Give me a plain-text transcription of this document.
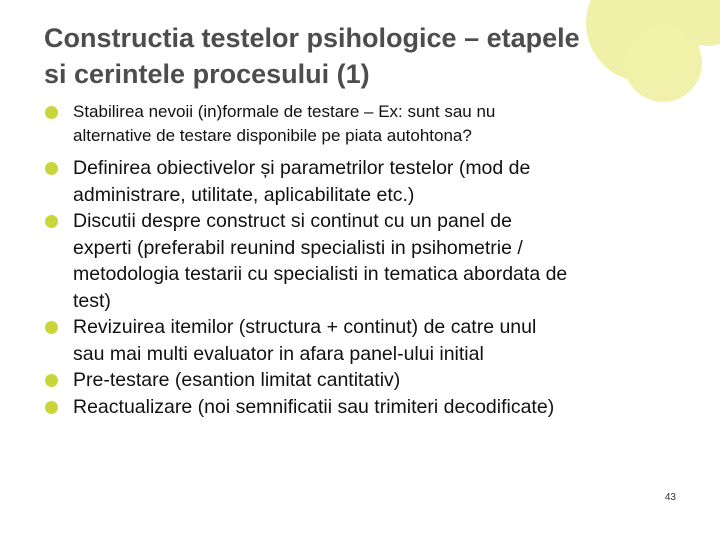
Constructia testelor psihologice – etapele
si cerintele procesului (1)
Stabilirea nevoii (in)formale de testare – Ex: sunt sau nu
alternative de testare disponibile pe piata autohtona?
Definirea obiectivelor și parametrilor testelor (mod de
administrare, utilitate, aplicabilitate etc.)
Discutii despre construct si continut cu un panel de
experti (preferabil reunind specialisti in psihometrie /
metodologia testarii cu specialisti in tematica abordata de
test)
Revizuirea itemilor (structura + continut) de catre unul
sau mai multi evaluator in afara panel-ului initial
Pre-testare (esantion limitat cantitativ)
Reactualizare (noi semnificatii sau trimiteri decodificate)
43
